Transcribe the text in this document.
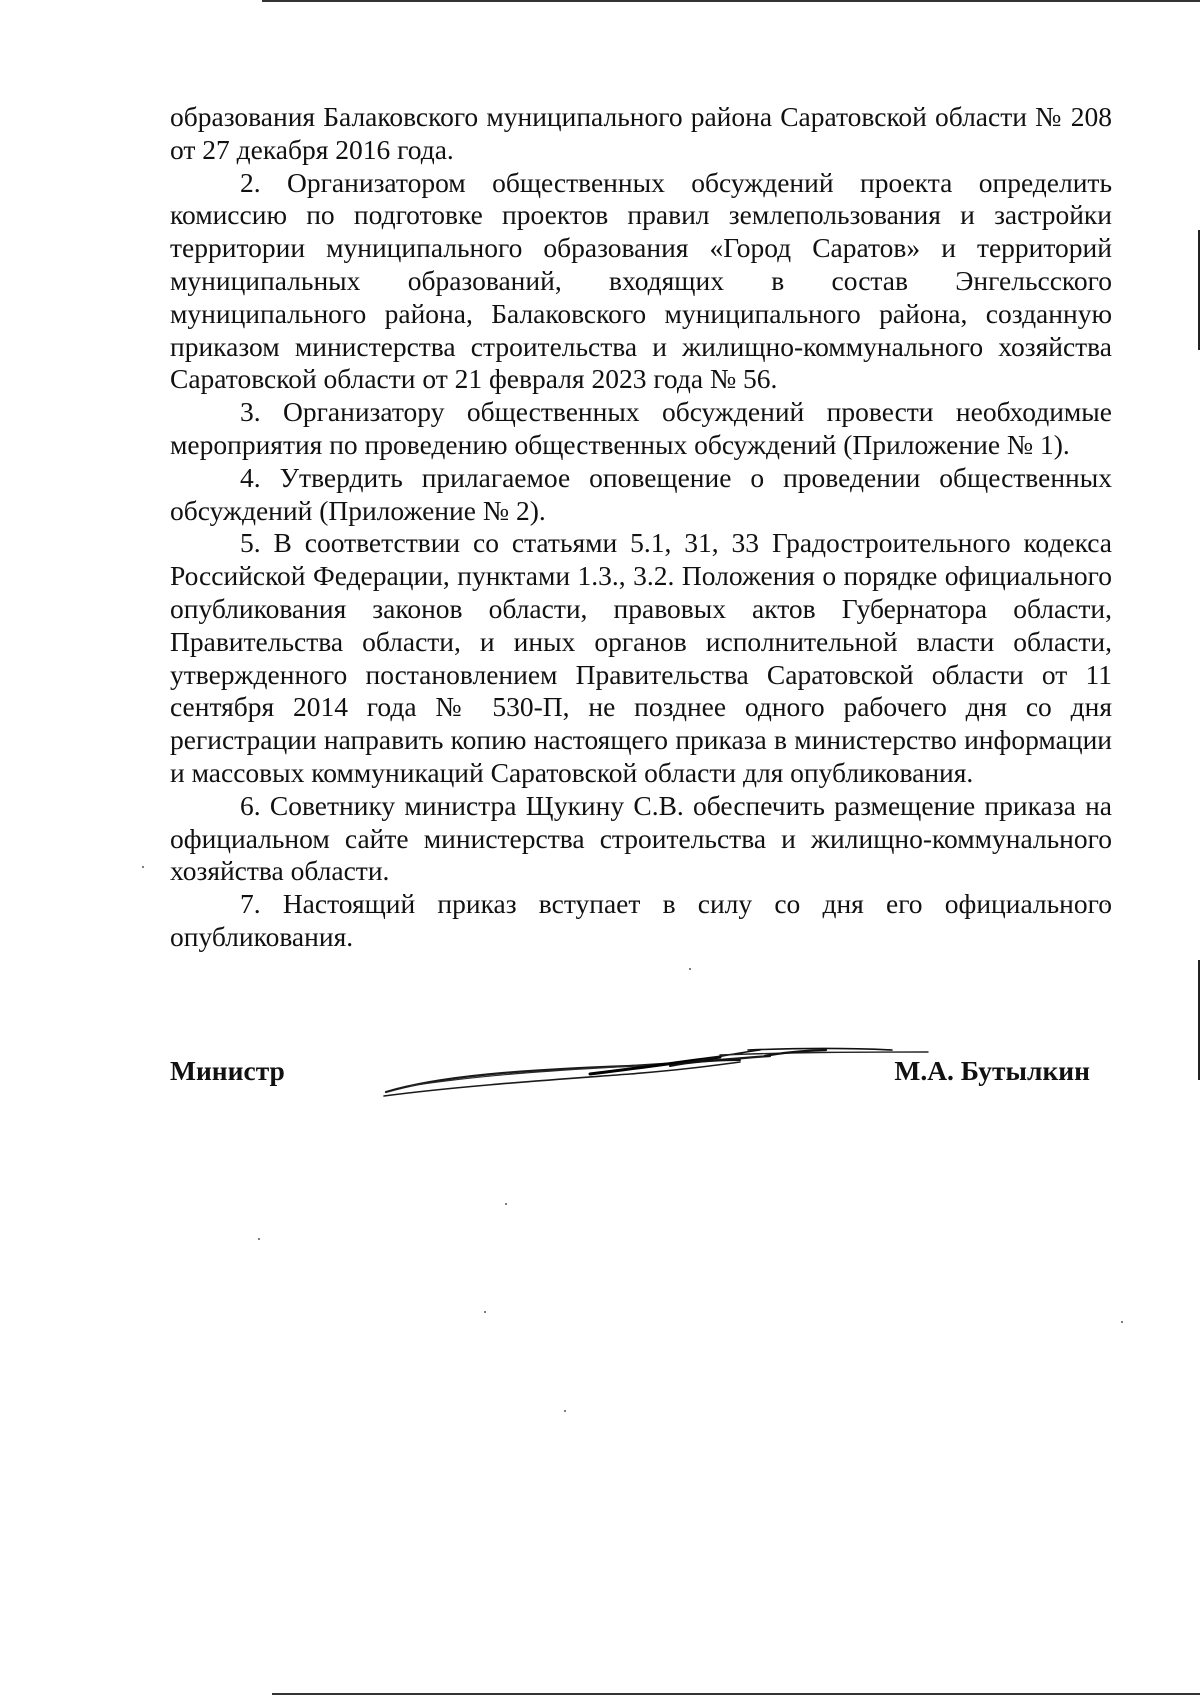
образования Балаковского муниципального района Саратовской области № 208 от 27 декабря 2016 года.

2. Организатором общественных обсуждений проекта определить комиссию по подготовке проектов правил землепользования и застройки территории муниципального образования «Город Саратов» и территорий муниципальных образований, входящих в состав Энгельсского муниципального района, Балаковского муниципального района, созданную приказом министерства строительства и жилищно-коммунального хозяйства Саратовской области от 21 февраля 2023 года № 56.

3. Организатору общественных обсуждений провести необходимые мероприятия по проведению общественных обсуждений (Приложение № 1).

4. Утвердить прилагаемое оповещение о проведении общественных обсуждений (Приложение № 2).

5. В соответствии со статьями 5.1, 31, 33 Градостроительного кодекса Российской Федерации, пунктами 1.3., 3.2. Положения о порядке официального опубликования законов области, правовых актов Губернатора области, Правительства области, и иных органов исполнительной власти области, утвержденного постановлением Правительства Саратовской области от 11 сентября 2014 года № 530-П, не позднее одного рабочего дня со дня регистрации направить копию настоящего приказа в министерство информации и массовых коммуникаций Саратовской области для опубликования.

6. Советнику министра Щукину С.В. обеспечить размещение приказа на официальном сайте министерства строительства и жилищно-коммунального хозяйства области.

7. Настоящий приказ вступает в силу со дня его официального опубликования.

Министр	М.А. Бутылкин
